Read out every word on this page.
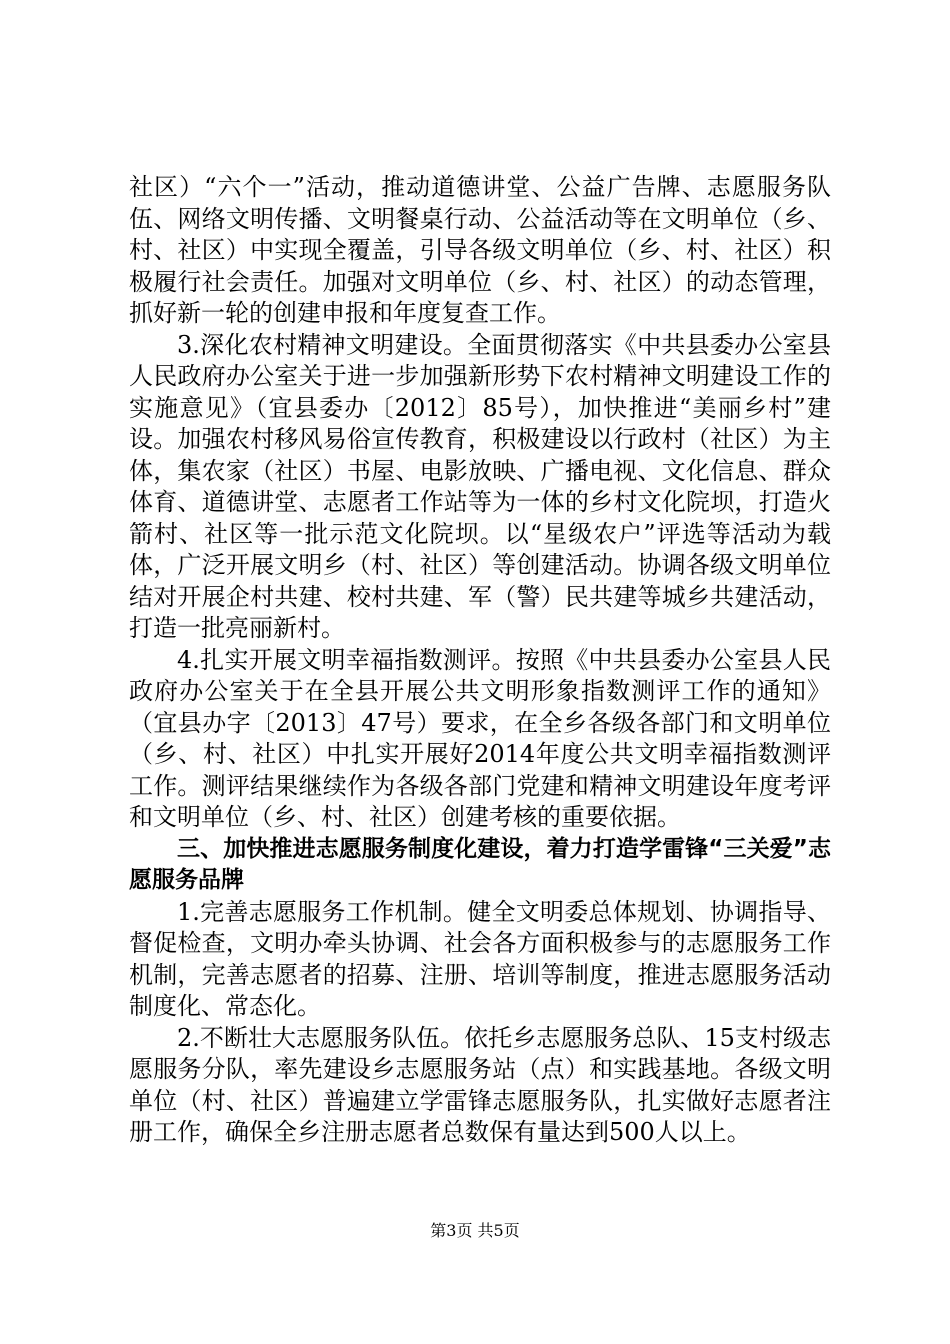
社区）“六个一”活动，推动道德讲堂、公益广告牌、志愿服务队伍、网络文明传播、文明餐桌行动、公益活动等在文明单位（乡、村、社区）中实现全覆盖，引导各级文明单位（乡、村、社区）积极履行社会责任。加强对文明单位（乡、村、社区）的动态管理，抓好新一轮的创建申报和年度复查工作。

3.深化农村精神文明建设。全面贯彻落实《中共县委办公室县人民政府办公室关于进一步加强新形势下农村精神文明建设工作的实施意见》（宜县委办〔2012〕85号），加快推进“美丽乡村”建设。加强农村移风易俗宣传教育，积极建设以行政村（社区）为主体，集农家（社区）书屋、电影放映、广播电视、文化信息、群众体育、道德讲堂、志愿者工作站等为一体的乡村文化院坝，打造火箭村、社区等一批示范文化院坝。以“星级农户”评选等活动为载体，广泛开展文明乡（村、社区）等创建活动。协调各级文明单位结对开展企村共建、校村共建、军（警）民共建等城乡共建活动，打造一批亮丽新村。

4.扎实开展文明幸福指数测评。按照《中共县委办公室县人民政府办公室关于在全县开展公共文明形象指数测评工作的通知》（宜县办字〔2013〕47号）要求，在全乡各级各部门和文明单位（乡、村、社区）中扎实开展好2014年度公共文明幸福指数测评工作。测评结果继续作为各级各部门党建和精神文明建设年度考评和文明单位（乡、村、社区）创建考核的重要依据。

三、加快推进志愿服务制度化建设，着力打造学雷锋“三关爱”志愿服务品牌

1.完善志愿服务工作机制。健全文明委总体规划、协调指导、督促检查，文明办牵头协调、社会各方面积极参与的志愿服务工作机制，完善志愿者的招募、注册、培训等制度，推进志愿服务活动制度化、常态化。

2.不断壮大志愿服务队伍。依托乡志愿服务总队、15支村级志愿服务分队，率先建设乡志愿服务站（点）和实践基地。各级文明单位（村、社区）普遍建立学雷锋志愿服务队，扎实做好志愿者注册工作，确保全乡注册志愿者总数保有量达到500人以上。

第3页 共5页
